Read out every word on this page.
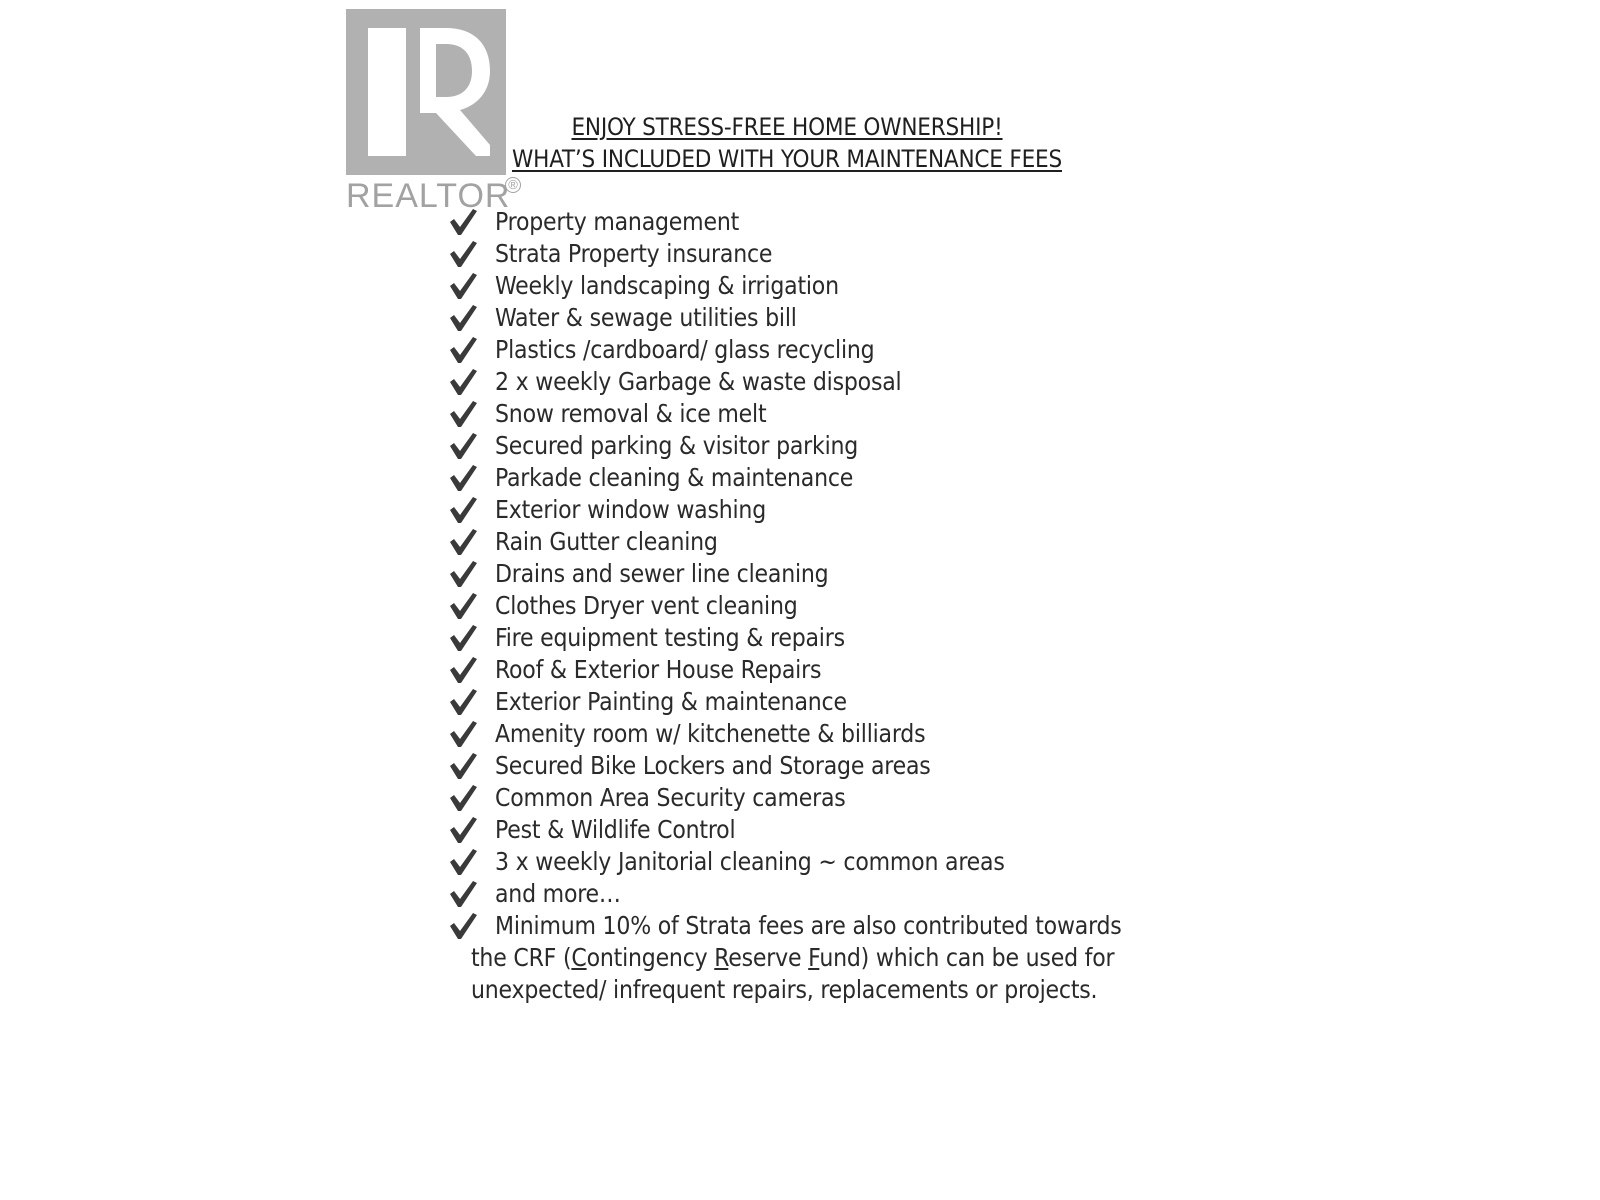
REALTOR
®
ENJOY STRESS-FREE HOME OWNERSHIP!
WHAT’S INCLUDED WITH YOUR MAINTENANCE FEES
Property management
Strata Property insurance
Weekly landscaping & irrigation
Water & sewage utilities bill
Plastics /cardboard/ glass recycling
2 x weekly Garbage & waste disposal
Snow removal & ice melt
Secured parking & visitor parking
Parkade cleaning & maintenance
Exterior window washing
Rain Gutter cleaning
Drains and sewer line cleaning
Clothes Dryer vent cleaning
Fire equipment testing & repairs
Roof & Exterior House Repairs
Exterior Painting & maintenance
Amenity room w/ kitchenette & billiards
Secured Bike Lockers and Storage areas
Common Area Security cameras
Pest & Wildlife Control
3 x weekly Janitorial cleaning ~ common areas
and more…
Minimum 10% of Strata fees are also contributed towards
the CRF (Contingency Reserve Fund) which can be used for
unexpected/ infrequent repairs, replacements or projects.
